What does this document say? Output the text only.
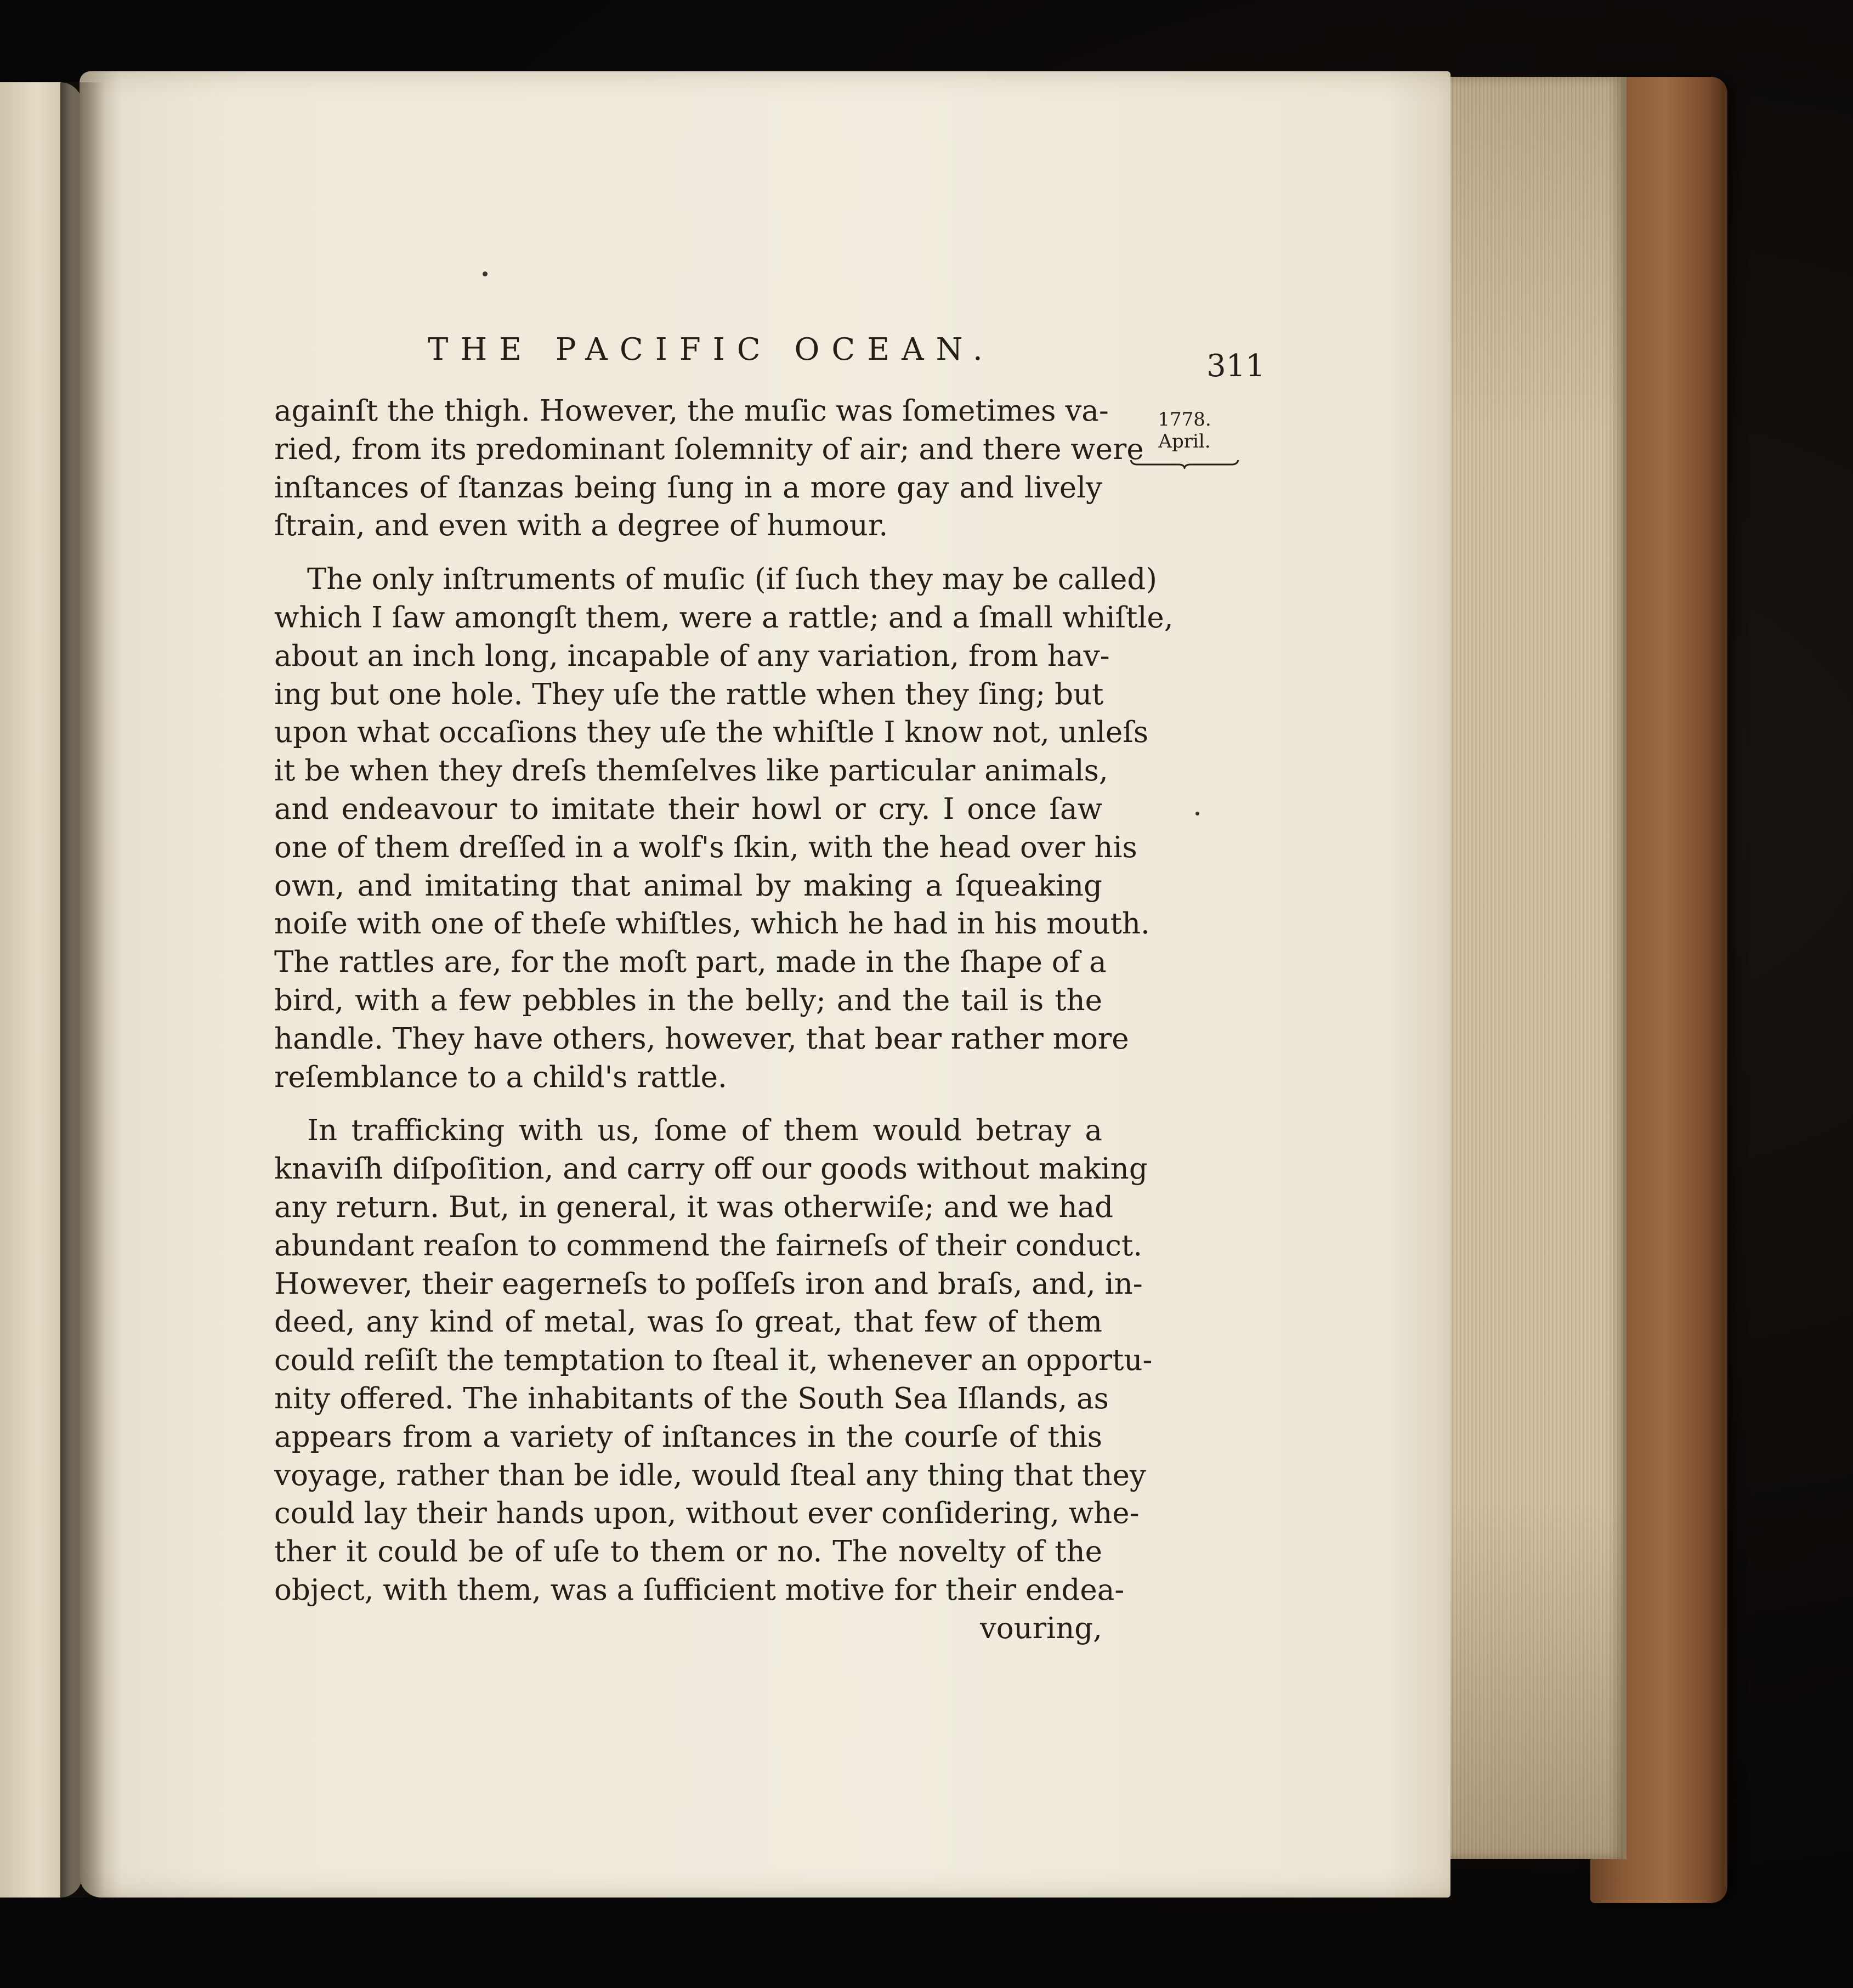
THE PACIFIC OCEAN.	311
1778.
April.
againſt the thigh. However, the muſic was ſometimes va-
ried, from its predominant ſolemnity of air; and there were
inſtances of ſtanzas being ſung in a more gay and lively
ſtrain, and even with a degree of humour.
The only inſtruments of muſic (if ſuch they may be called)
which I ſaw amongſt them, were a rattle; and a ſmall whiſtle,
about an inch long, incapable of any variation, from hav-
ing but one hole. They uſe the rattle when they ſing; but
upon what occaſions they uſe the whiſtle I know not, unleſs
it be when they dreſs themſelves like particular animals,
and endeavour to imitate their howl or cry. I once ſaw
one of them dreſſed in a wolf's ſkin, with the head over his
own, and imitating that animal by making a ſqueaking
noiſe with one of theſe whiſtles, which he had in his mouth.
The rattles are, for the moſt part, made in the ſhape of a
bird, with a few pebbles in the belly; and the tail is the
handle. They have others, however, that bear rather more
reſemblance to a child's rattle.
In trafficking with us, ſome of them would betray a
knaviſh diſpoſition, and carry off our goods without making
any return. But, in general, it was otherwiſe; and we had
abundant reaſon to commend the fairneſs of their conduct.
However, their eagerneſs to poſſeſs iron and braſs, and, in-
deed, any kind of metal, was ſo great, that few of them
could reſiſt the temptation to ſteal it, whenever an opportu-
nity offered. The inhabitants of the South Sea Iſlands, as
appears from a variety of inſtances in the courſe of this
voyage, rather than be idle, would ſteal any thing that they
could lay their hands upon, without ever conſidering, whe-
ther it could be of uſe to them or no. The novelty of the
object, with them, was a ſufficient motive for their endea-
vouring,
